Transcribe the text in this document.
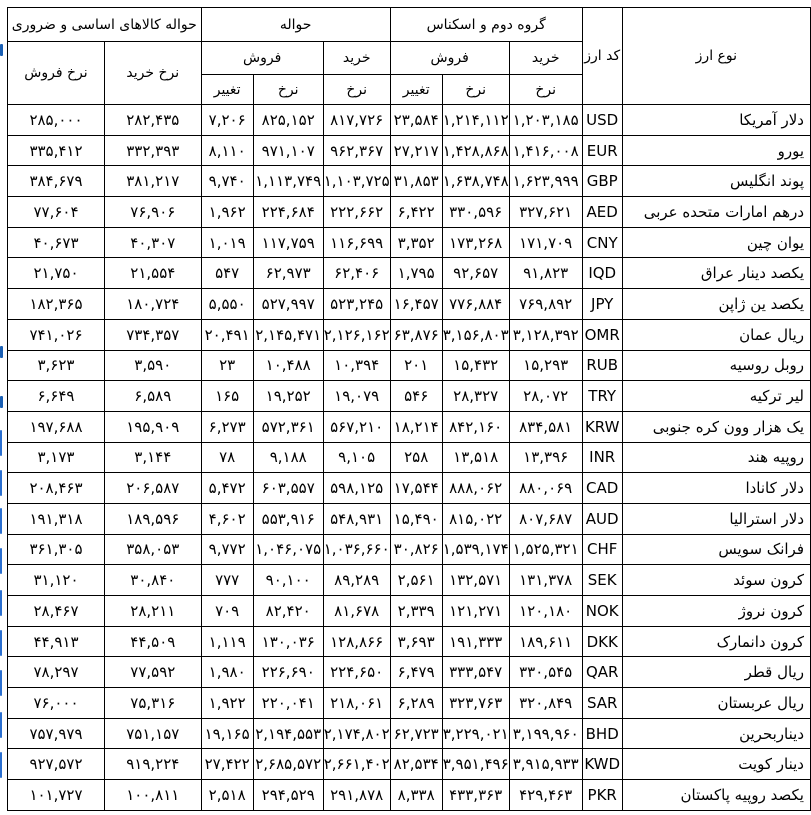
نوع ارز	کد ارز	گروه دوم و اسکناس			حواله			حواله کالاهای اساسی و ضروری	
		خرید	فروش		خرید	فروش		نرخ خرید	نرخ فروش
		نرخ	نرخ	تغییر	نرخ	نرخ	تغییر		
دلار آمریکا	USD	۱,۲۰۳,۱۸۵	۱,۲۱۴,۱۱۲	۲۳,۵۸۴	۸۱۷,۷۲۶	۸۲۵,۱۵۲	۷,۲۰۶	۲۸۲,۴۳۵	۲۸۵,۰۰۰
یورو	EUR	۱,۴۱۶,۰۰۸	۱,۴۲۸,۸۶۸	۲۷,۲۱۷	۹۶۲,۳۶۷	۹۷۱,۱۰۷	۸,۱۱۰	۳۳۲,۳۹۳	۳۳۵,۴۱۲
پوند انگلیس	GBP	۱,۶۲۳,۹۹۹	۱,۶۳۸,۷۴۸	۳۱,۸۵۳	۱,۱۰۳,۷۲۵	۱,۱۱۳,۷۴۹	۹,۷۴۰	۳۸۱,۲۱۷	۳۸۴,۶۷۹
درهم امارات متحده عربی	AED	۳۲۷,۶۲۱	۳۳۰,۵۹۶	۶,۴۲۲	۲۲۲,۶۶۲	۲۲۴,۶۸۴	۱,۹۶۲	۷۶,۹۰۶	۷۷,۶۰۴
یوان چین	CNY	۱۷۱,۷۰۹	۱۷۳,۲۶۸	۳,۳۵۲	۱۱۶,۶۹۹	۱۱۷,۷۵۹	۱,۰۱۹	۴۰,۳۰۷	۴۰,۶۷۳
یکصد دینار عراق	IQD	۹۱,۸۲۳	۹۲,۶۵۷	۱,۷۹۵	۶۲,۴۰۶	۶۲,۹۷۳	۵۴۷	۲۱,۵۵۴	۲۱,۷۵۰
یکصد ین ژاپن	JPY	۷۶۹,۸۹۲	۷۷۶,۸۸۴	۱۶,۴۵۷	۵۲۳,۲۴۵	۵۲۷,۹۹۷	۵,۵۵۰	۱۸۰,۷۲۴	۱۸۲,۳۶۵
ریال عمان	OMR	۳,۱۲۸,۳۹۲	۳,۱۵۶,۸۰۳	۶۳,۸۷۶	۲,۱۲۶,۱۶۲	۲,۱۴۵,۴۷۱	۲۰,۴۹۱	۷۳۴,۳۵۷	۷۴۱,۰۲۶
روبل روسیه	RUB	۱۵,۲۹۳	۱۵,۴۳۲	۲۰۱	۱۰,۳۹۴	۱۰,۴۸۸	۲۳	۳,۵۹۰	۳,۶۲۳
لیر ترکیه	TRY	۲۸,۰۷۲	۲۸,۳۲۷	۵۴۶	۱۹,۰۷۹	۱۹,۲۵۲	۱۶۵	۶,۵۸۹	۶,۶۴۹
یک هزار وون کره جنوبی	KRW	۸۳۴,۵۸۱	۸۴۲,۱۶۰	۱۸,۲۱۴	۵۶۷,۲۱۰	۵۷۲,۳۶۱	۶,۲۷۳	۱۹۵,۹۰۹	۱۹۷,۶۸۸
روپیه هند	INR	۱۳,۳۹۶	۱۳,۵۱۸	۲۵۸	۹,۱۰۵	۹,۱۸۸	۷۸	۳,۱۴۴	۳,۱۷۳
دلار کانادا	CAD	۸۸۰,۰۶۹	۸۸۸,۰۶۲	۱۷,۵۴۴	۵۹۸,۱۲۵	۶۰۳,۵۵۷	۵,۴۷۲	۲۰۶,۵۸۷	۲۰۸,۴۶۳
دلار استرالیا	AUD	۸۰۷,۶۸۷	۸۱۵,۰۲۲	۱۵,۴۹۰	۵۴۸,۹۳۱	۵۵۳,۹۱۶	۴,۶۰۲	۱۸۹,۵۹۶	۱۹۱,۳۱۸
فرانک سویس	CHF	۱,۵۲۵,۳۲۱	۱,۵۳۹,۱۷۴	۳۰,۸۲۶	۱,۰۳۶,۶۶۰	۱,۰۴۶,۰۷۵	۹,۷۷۲	۳۵۸,۰۵۳	۳۶۱,۳۰۵
کرون سوئد	SEK	۱۳۱,۳۷۸	۱۳۲,۵۷۱	۲,۵۶۱	۸۹,۲۸۹	۹۰,۱۰۰	۷۷۷	۳۰,۸۴۰	۳۱,۱۲۰
کرون نروژ	NOK	۱۲۰,۱۸۰	۱۲۱,۲۷۱	۲,۳۳۹	۸۱,۶۷۸	۸۲,۴۲۰	۷۰۹	۲۸,۲۱۱	۲۸,۴۶۷
کرون دانمارک	DKK	۱۸۹,۶۱۱	۱۹۱,۳۳۳	۳,۶۹۳	۱۲۸,۸۶۶	۱۳۰,۰۳۶	۱,۱۱۹	۴۴,۵۰۹	۴۴,۹۱۳
ریال قطر	QAR	۳۳۰,۵۴۵	۳۳۳,۵۴۷	۶,۴۷۹	۲۲۴,۶۵۰	۲۲۶,۶۹۰	۱,۹۸۰	۷۷,۵۹۲	۷۸,۲۹۷
ریال عربستان	SAR	۳۲۰,۸۴۹	۳۲۳,۷۶۳	۶,۲۸۹	۲۱۸,۰۶۱	۲۲۰,۰۴۱	۱,۹۲۲	۷۵,۳۱۶	۷۶,۰۰۰
دیناربحرین	BHD	۳,۱۹۹,۹۶۰	۳,۲۲۹,۰۲۱	۶۲,۷۲۳	۲,۱۷۴,۸۰۲	۲,۱۹۴,۵۵۳	۱۹,۱۶۵	۷۵۱,۱۵۷	۷۵۷,۹۷۹
دینار کویت	KWD	۳,۹۱۵,۹۳۳	۳,۹۵۱,۴۹۶	۸۲,۵۳۴	۲,۶۶۱,۴۰۲	۲,۶۸۵,۵۷۲	۲۷,۴۲۲	۹۱۹,۲۲۴	۹۲۷,۵۷۲
یکصد روپیه پاکستان	PKR	۴۲۹,۴۶۳	۴۳۳,۳۶۳	۸,۳۳۸	۲۹۱,۸۷۸	۲۹۴,۵۲۹	۲,۵۱۸	۱۰۰,۸۱۱	۱۰۱,۷۲۷
